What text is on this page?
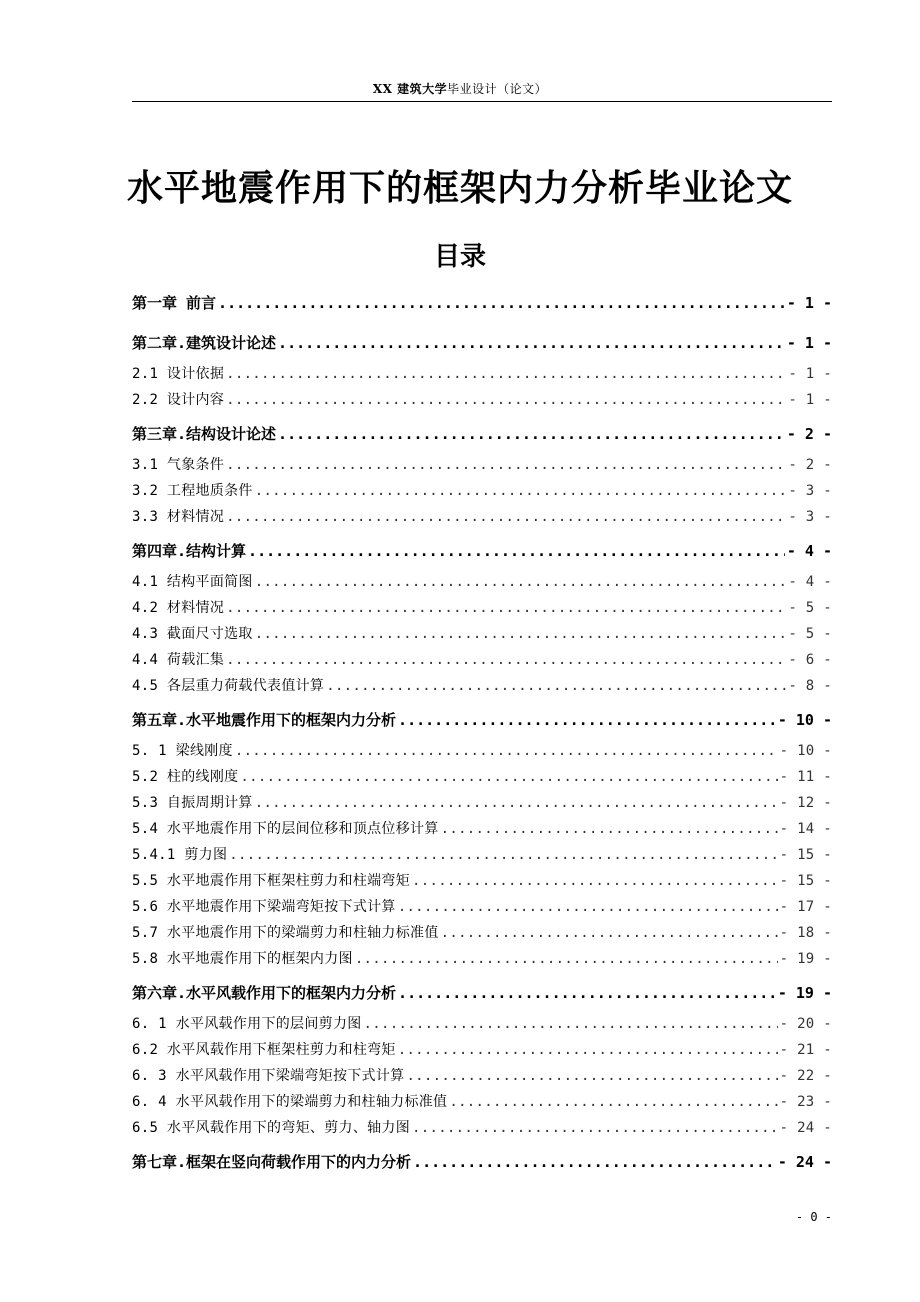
XX 建筑大学毕业设计（论文）
水平地震作用下的框架内力分析毕业论文
目录
第一章 前言 .....	- 1 -
第二章.建筑设计论述 .....	- 1 -
2.1 设计依据 .....	- 1 -
2.2 设计内容 .....	- 1 -
第三章.结构设计论述 .....	- 2 -
3.1 气象条件 .....	- 2 -
3.2 工程地质条件 .....	- 3 -
3.3 材料情况 .....	- 3 -
第四章.结构计算 .....	- 4 -
4.1 结构平面简图 .....	- 4 -
4.2 材料情况 .....	- 5 -
4.3 截面尺寸选取 .....	- 5 -
4.4 荷载汇集 .....	- 6 -
4.5 各层重力荷载代表值计算 .....	- 8 -
第五章.水平地震作用下的框架内力分析 .....	- 10 -
5. 1 梁线刚度 .....	- 10 -
5.2 柱的线刚度 .....	- 11 -
5.3 自振周期计算 .....	- 12 -
5.4 水平地震作用下的层间位移和顶点位移计算 .....	- 14 -
5.4.1 剪力图 .....	- 15 -
5.5 水平地震作用下框架柱剪力和柱端弯矩 .....	- 15 -
5.6 水平地震作用下梁端弯矩按下式计算 .....	- 17 -
5.7 水平地震作用下的梁端剪力和柱轴力标准值 .....	- 18 -
5.8 水平地震作用下的框架内力图 .....	- 19 -
第六章.水平风载作用下的框架内力分析 .....	- 19 -
6. 1 水平风载作用下的层间剪力图 .....	- 20 -
6.2 水平风载作用下框架柱剪力和柱弯矩 .....	- 21 -
6. 3 水平风载作用下梁端弯矩按下式计算 .....	- 22 -
6. 4 水平风载作用下的梁端剪力和柱轴力标准值 .....	- 23 -
6.5 水平风载作用下的弯矩、剪力、轴力图 .....	- 24 -
第七章.框架在竖向荷载作用下的内力分析 .....	- 24 -
- 0 -
